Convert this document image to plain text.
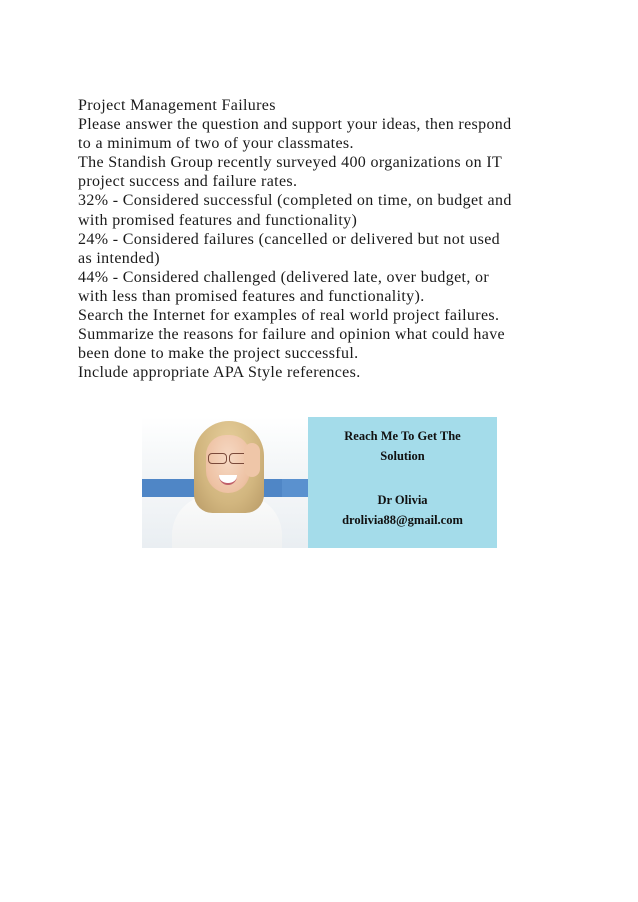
Project Management Failures
Please answer the question and support your ideas, then respond
to a minimum of two of your classmates.
The Standish Group recently surveyed 400 organizations on IT
project success and failure rates.
32% - Considered successful (completed on time, on budget and
with promised features and functionality)
24% - Considered failures (cancelled or delivered but not used
as intended)
44% - Considered challenged (delivered late, over budget, or
with less than promised features and functionality).
Search the Internet for examples of real world project failures.
Summarize the reasons for failure and opinion what could have
been done to make the project successful.
Include appropriate APA Style references.
Reach Me To Get The
Solution
Dr Olivia
drolivia88@gmail.com
